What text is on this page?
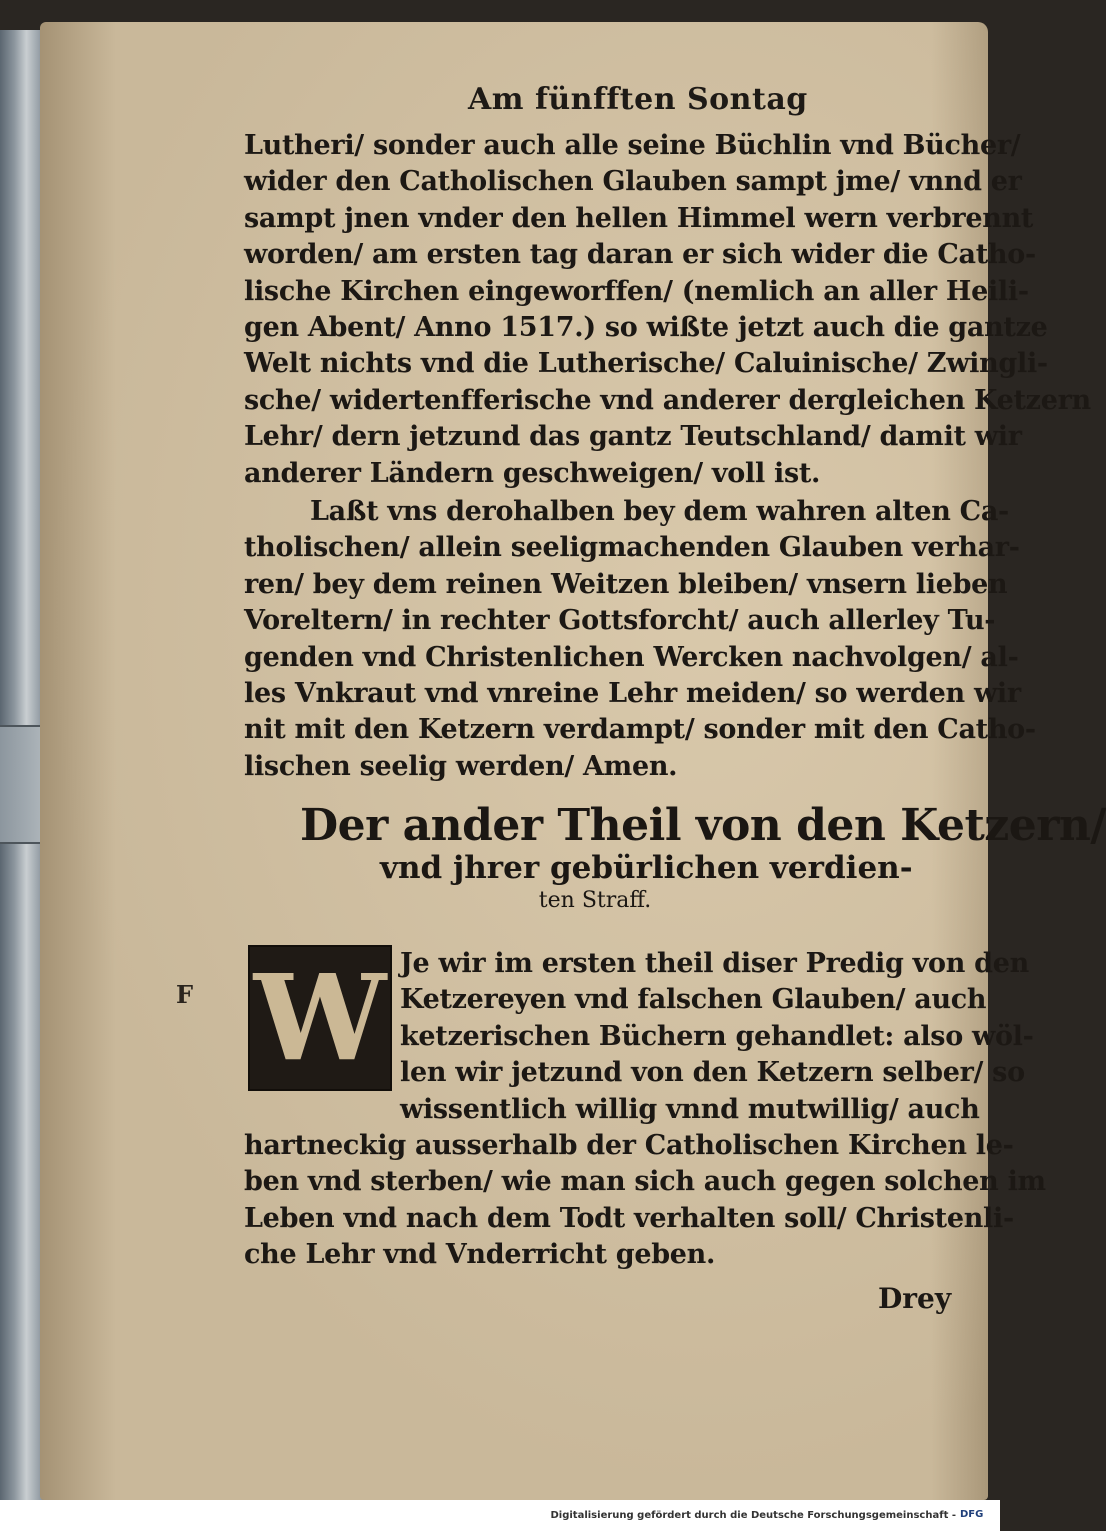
Am fünfften Sontag
Lutheri/ sonder auch alle seine Büchlin vnd Bücher/
wider den Catholischen Glauben sampt jme/ vnnd er
sampt jnen vnder den hellen Himmel wern verbrennt
worden/ am ersten tag daran er sich wider die Catho-
lische Kirchen eingeworffen/ (nemlich an aller Heili-
gen Abent/ Anno 1517.) so wißte jetzt auch die gantze
Welt nichts vnd die Lutherische/ Caluinische/ Zwingli-
sche/ widertenfferische vnd anderer dergleichen Ketzern
Lehr/ dern jetzund das gantz Teutschland/ damit wir
anderer Ländern geschweigen/ voll ist.
Laßt vns derohalben bey dem wahren alten Ca-
tholischen/ allein seeligmachenden Glauben verhar-
ren/ bey dem reinen Weitzen bleiben/ vnsern lieben
Voreltern/ in rechter Gottsforcht/ auch allerley Tu-
genden vnd Christenlichen Wercken nachvolgen/ al-
les Vnkraut vnd vnreine Lehr meiden/ so werden wir
nit mit den Ketzern verdampt/ sonder mit den Catho-
lischen seelig werden/ Amen.
Der ander Theil von den Ketzern/
vnd jhrer gebürlichen verdien-
ten Straff.
F W Je wir im ersten theil diser Predig von den
Ketzereyen vnd falschen Glauben/ auch
ketzerischen Büchern gehandlet: also wöl-
len wir jetzund von den Ketzern selber/ so
wissentlich willig vnnd mutwillig/ auch
hartneckig ausserhalb der Catholischen Kirchen le-
ben vnd sterben/ wie man sich auch gegen solchen im
Leben vnd nach dem Todt verhalten soll/ Christenli-
che Lehr vnd Vnderricht geben.
Drey
Digitalisierung gefördert durch die Deutsche Forschungsgemeinschaft - DFG
